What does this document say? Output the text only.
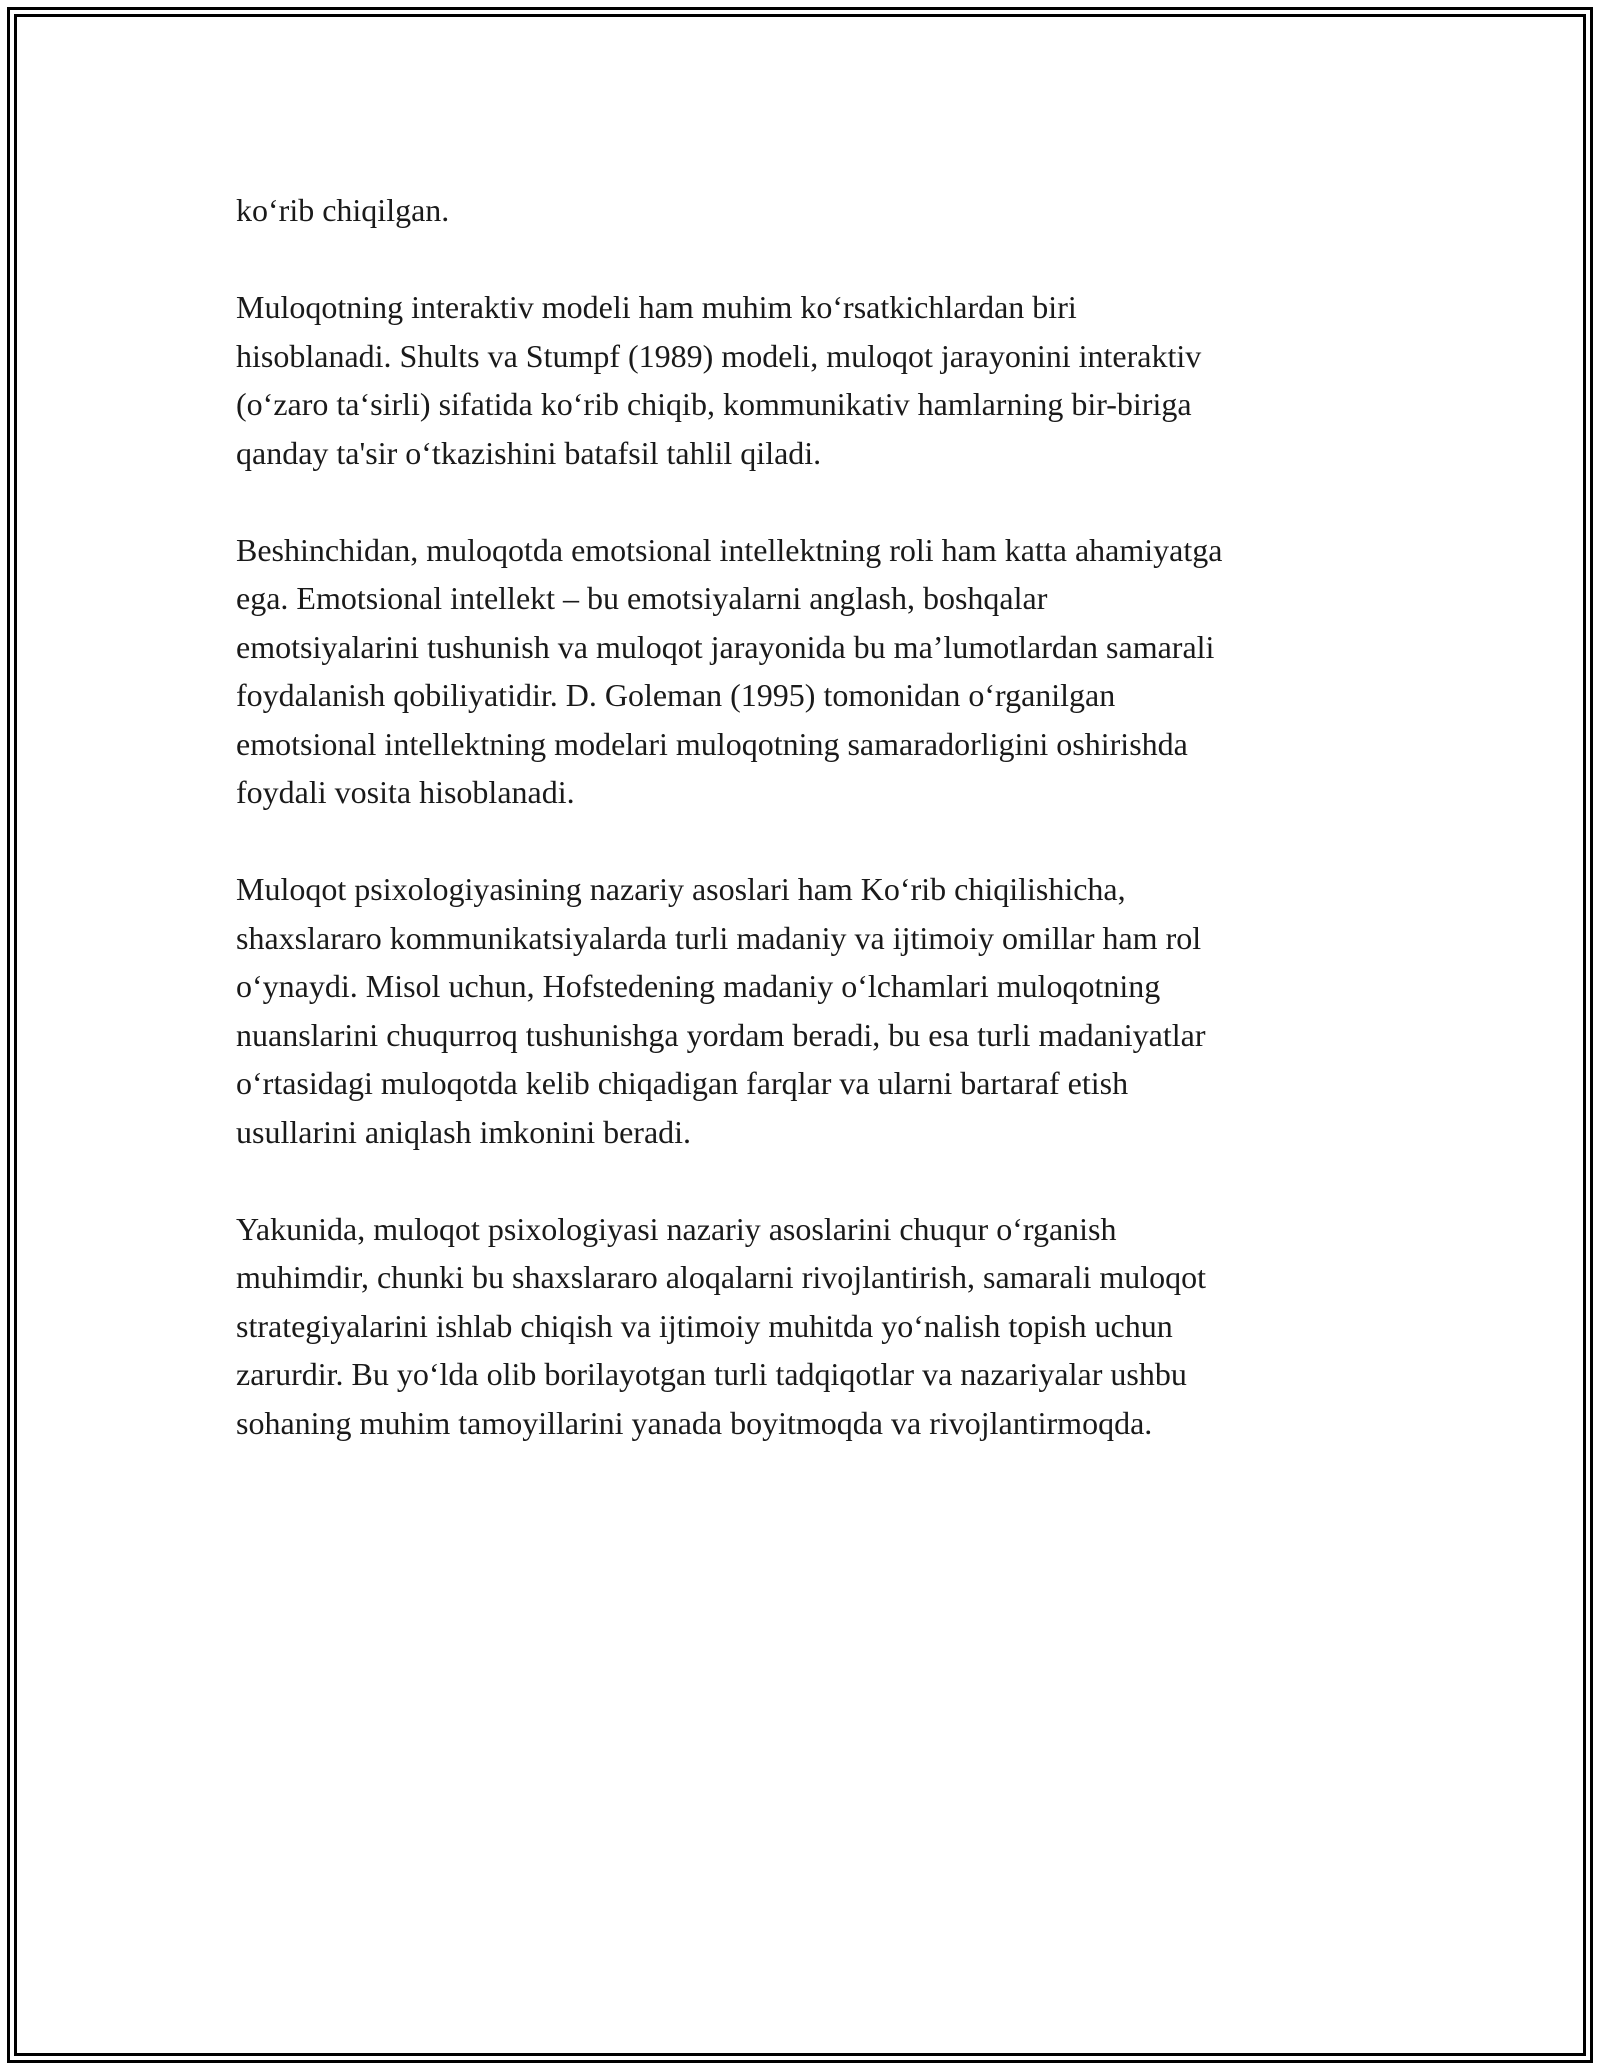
ko‘rib chiqilgan.

Muloqotning interaktiv modeli ham muhim ko‘rsatkichlardan biri
hisoblanadi. Shults va Stumpf (1989) modeli, muloqot jarayonini interaktiv
(o‘zaro ta‘sirli) sifatida ko‘rib chiqib, kommunikativ hamlarning bir-biriga
qanday ta'sir o‘tkazishini batafsil tahlil qiladi.

Beshinchidan, muloqotda emotsional intellektning roli ham katta ahamiyatga
ega. Emotsional intellekt – bu emotsiyalarni anglash, boshqalar
emotsiyalarini tushunish va muloqot jarayonida bu ma’lumotlardan samarali
foydalanish qobiliyatidir. D. Goleman (1995) tomonidan o‘rganilgan
emotsional intellektning modelari muloqotning samaradorligini oshirishda
foydali vosita hisoblanadi.

Muloqot psixologiyasining nazariy asoslari ham Ko‘rib chiqilishicha,
shaxslararo kommunikatsiyalarda turli madaniy va ijtimoiy omillar ham rol
o‘ynaydi. Misol uchun, Hofstedening madaniy o‘lchamlari muloqotning
nuanslarini chuqurroq tushunishga yordam beradi, bu esa turli madaniyatlar
o‘rtasidagi muloqotda kelib chiqadigan farqlar va ularni bartaraf etish
usullarini aniqlash imkonini beradi.

Yakunida, muloqot psixologiyasi nazariy asoslarini chuqur o‘rganish
muhimdir, chunki bu shaxslararo aloqalarni rivojlantirish, samarali muloqot
strategiyalarini ishlab chiqish va ijtimoiy muhitda yo‘nalish topish uchun
zarurdir. Bu yo‘lda olib borilayotgan turli tadqiqotlar va nazariyalar ushbu
sohaning muhim tamoyillarini yanada boyitmoqda va rivojlantirmoqda.
